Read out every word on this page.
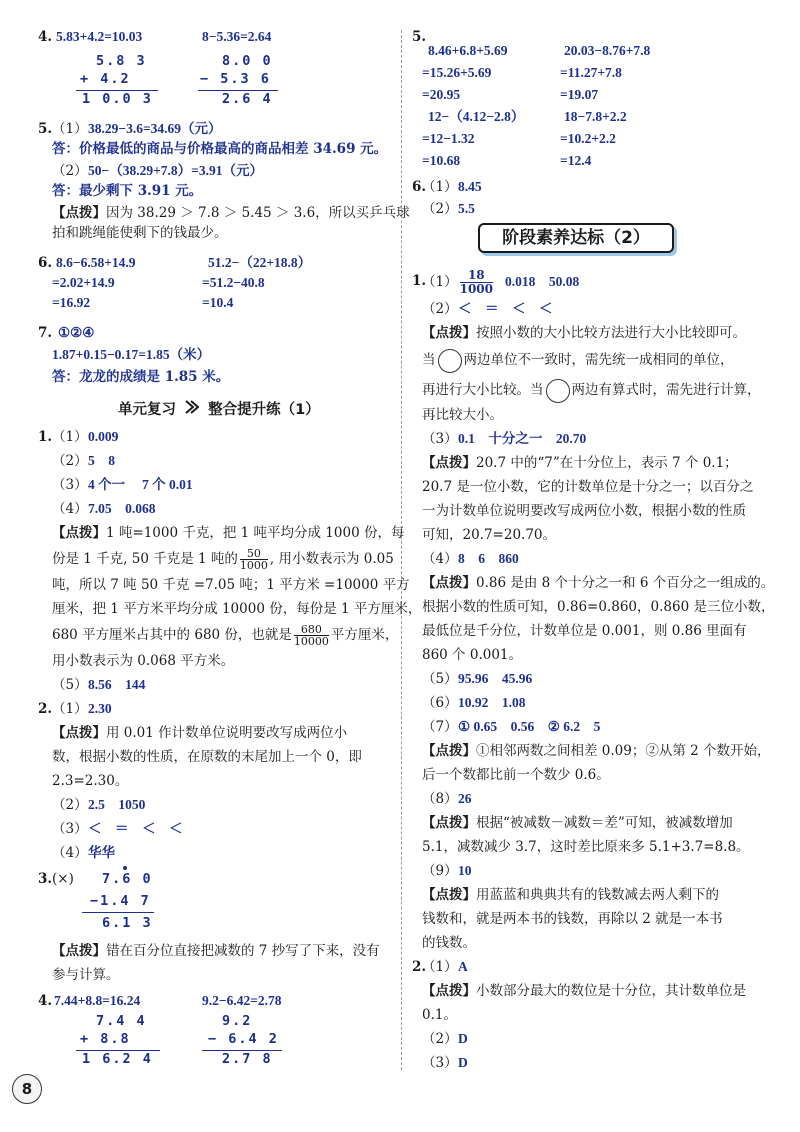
4. 5.83+4.2=10.03	8−5.36=2.64
5.8 3
+ 4.2
1 0.0 3
8.0 0
− 5.3 6
2.6 4
5. （1） 38.29−3.6=34.69（元）
答：价格最低的商品与价格最高的商品相差 34.69 元。
（2） 50−（38.29+7.8）=3.91（元）
答：最少剩下 3.91 元。
【点拨】因为 38.29 ＞ 7.8 ＞ 5.45 ＞ 3.6，所以买乒乓球
拍和跳绳能使剩下的钱最少。
6. 8.6−6.58+14.9
=2.02+14.9
=16.92
51.2−（22+18.8）
=51.2−40.8
=10.4
7. ①②④
1.87+0.15−0.17=1.85（米）
答：龙龙的成绩是 1.85 米。
单元复习 整合提升练（1）
1. （1） 0.009
（2） 5　8
（3） 4 个一　 7 个 0.01
（4） 7.05　0.068
【点拨】1 吨=1000 千克，把 1 吨平均分成 1000 份，每
份是 1 千克, 50 千克是 1 吨的 $\frac{50}{1000}$ , 用小数表示为 0.05
吨，所以 7 吨 50 千克 =7.05 吨；1 平方米 =10000 平方
厘米，把 1 平方米平均分成 10000 份，每份是 1 平方厘米，
680 平方厘米占其中的 680 份，也就是 $\frac{680}{10000}$ 平方厘米，
用小数表示为 0.068 平方米。
（5） 8.56　144
2. （1） 2.30
【点拨】用 0.01 作计数单位说明要改写成两位小
数，根据小数的性质，在原数的末尾加上一个 0，即
2.3=2.30。
（2） 2.5　1050
（3） ＜　＝　＜　＜
（4） 华华
3. (×) 7.6 0
−1.4 7
6.1 3
【点拨】错在百分位直接把减数的 7 抄写了下来，没有
参与计算。
4. 7.44+8.8=16.24	9.2−6.42=2.78
7.4 4
+ 8.8
1 6.2 4
9.2
− 6.4 2
2.7 8
5.
8.46+6.8+5.69
=15.26+5.69
=20.95
20.03−8.76+7.8
=11.27+7.8
=19.07
12−（4.12−2.8）
=12−1.32
=10.68
18−7.8+2.2
=10.2+2.2
=12.4
6.
（1） 8.45
（2） 5.5
阶段素养达标（2）
1.
$(1) \frac{18}{1000} 0.018$　50.08
（2） ＜　＝　＜　＜
【点拨】按照小数的大小比较方法进行大小比较即可。
当 两边单位不一致时，需先统一成相同的单位，
再进行大小比较。当 两边有算式时，需先进行计算，
再比较大小。
（3） 0.1　十分之一　20.70
【点拨】20.7 中的“7”在十分位上，表示 7 个 0.1；
20.7 是一位小数，它的计数单位是十分之一；以百分之
一为计数单位说明要改写成两位小数，根据小数的性质
可知，20.7=20.70。
（4） 8　6　860
【点拨】0.86 是由 8 个十分之一和 6 个百分之一组成的。
根据小数的性质可知，0.86=0.860，0.860 是三位小数，
最低位是千分位，计数单位是 0.001，则 0.86 里面有
860 个 0.001。
（5） 95.96　45.96
（6） 10.92　1.08
（7） ① 0.65　0.56　② 6.2　5
【点拨】①相邻两数之间相差 0.09；②从第 2 个数开始，
后一个数都比前一个数少 0.6。
（8） 26
【点拨】根据“被减数－减数＝差”可知，被减数增加
5.1，减数减少 3.7，这时差比原来多 5.1+3.7=8.8。
（9） 10
【点拨】用蓝蓝和典典共有的钱数减去两人剩下的
钱数和，就是两本书的钱数，再除以 2 就是一本书
的钱数。
2.
（1） A
【点拨】小数部分最大的数位是十分位，其计数单位是
0.1。
（2） D
（3） D
8
